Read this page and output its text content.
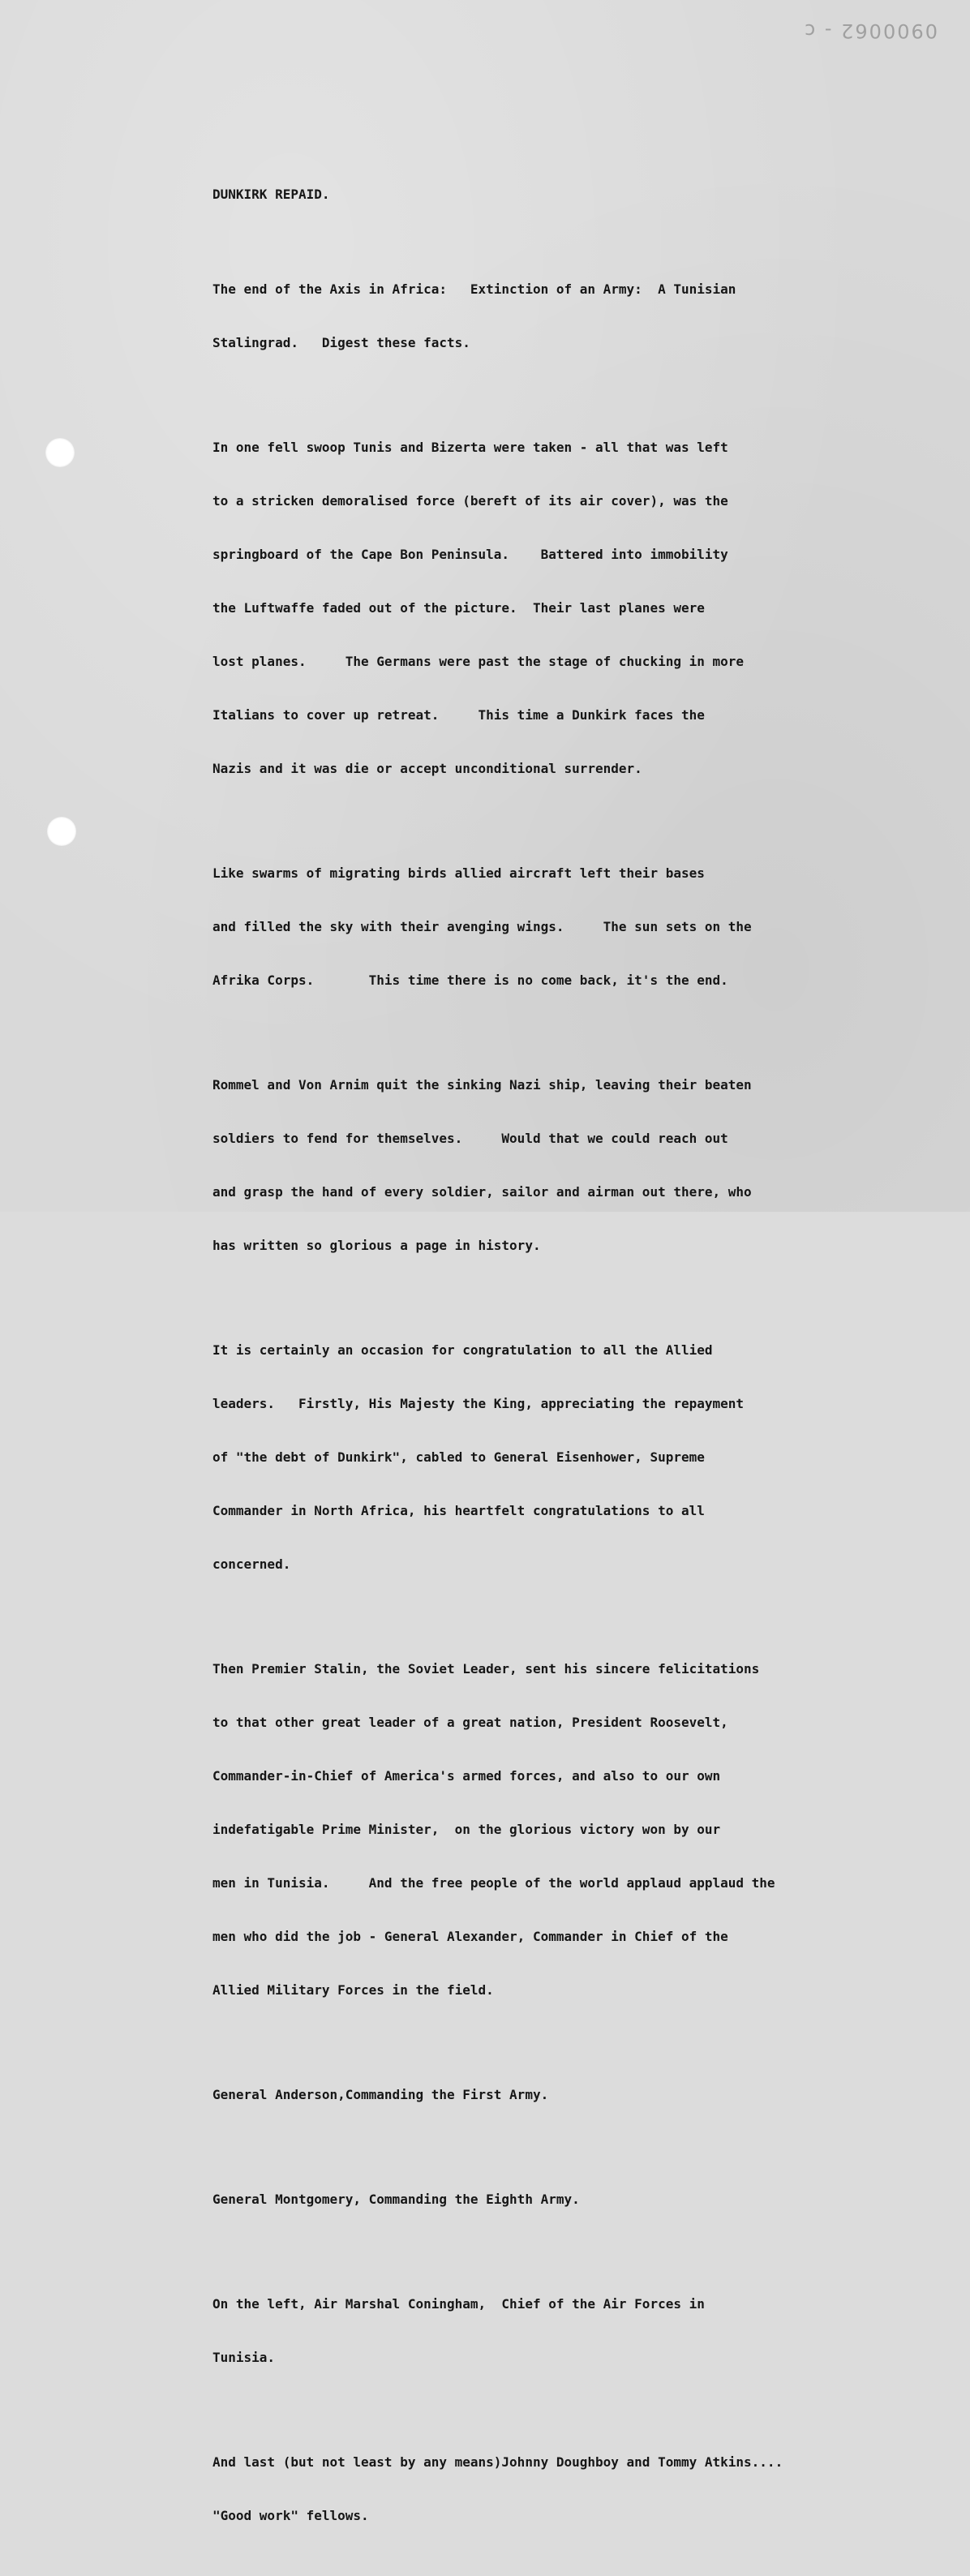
0900062 - c
DUNKIRK REPAID.

The end of the Axis in Africa:   Extinction of an Army:  A Tunisian

Stalingrad.   Digest these facts.

In one fell swoop Tunis and Bizerta were taken - all that was left

to a stricken demoralised force (bereft of its air cover), was the

springboard of the Cape Bon Peninsula.    Battered into immobility

the Luftwaffe faded out of the picture.  Their last planes were

lost planes.     The Germans were past the stage of chucking in more

Italians to cover up retreat.     This time a Dunkirk faces the

Nazis and it was die or accept unconditional surrender.

Like swarms of migrating birds allied aircraft left their bases

and filled the sky with their avenging wings.     The sun sets on the

Afrika Corps.       This time there is no come back, it's the end.

Rommel and Von Arnim quit the sinking Nazi ship, leaving their beaten

soldiers to fend for themselves.     Would that we could reach out

and grasp the hand of every soldier, sailor and airman out there, who

has written so glorious a page in history.

It is certainly an occasion for congratulation to all the Allied

leaders.   Firstly, His Majesty the King, appreciating the repayment

of "the debt of Dunkirk", cabled to General Eisenhower, Supreme

Commander in North Africa, his heartfelt congratulations to all

concerned.

Then Premier Stalin, the Soviet Leader, sent his sincere felicitations

to that other great leader of a great nation, President Roosevelt,

Commander-in-Chief of America's armed forces, and also to our own

indefatigable Prime Minister,  on the glorious victory won by our

men in Tunisia.     And the free people of the world applaud applaud the

men who did the job - General Alexander, Commander in Chief of the

Allied Military Forces in the field.

General Anderson,Commanding the First Army.

General Montgomery, Commanding the Eighth Army.

On the left, Air Marshal Coningham,  Chief of the Air Forces in

Tunisia.

And last (but not least by any means)Johnny Doughboy and Tommy Atkins....

"Good work" fellows.
